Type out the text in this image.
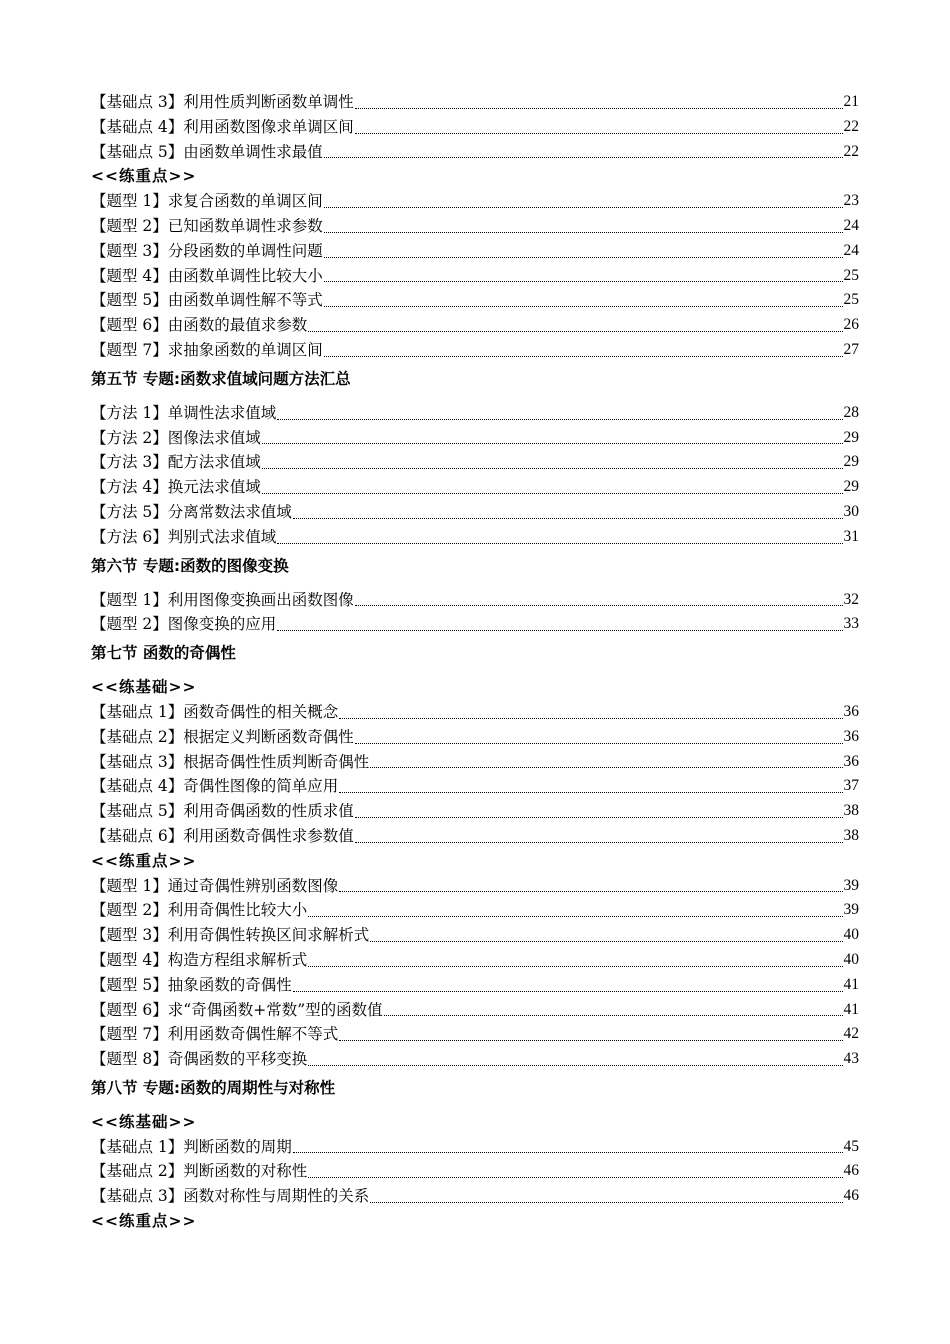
【基础点 3】利用性质判断函数单调性	21
【基础点 4】利用函数图像求单调区间	22
【基础点 5】由函数单调性求最值	22
<<练重点>>
【题型 1】求复合函数的单调区间	23
【题型 2】已知函数单调性求参数	24
【题型 3】分段函数的单调性问题	24
【题型 4】由函数单调性比较大小	25
【题型 5】由函数单调性解不等式	25
【题型 6】由函数的最值求参数	26
【题型 7】求抽象函数的单调区间	27
第五节 专题:函数求值域问题方法汇总
【方法 1】单调性法求值域	28
【方法 2】图像法求值域	29
【方法 3】配方法求值域	29
【方法 4】换元法求值域	29
【方法 5】分离常数法求值域	30
【方法 6】判别式法求值域	31
第六节 专题:函数的图像变换
【题型 1】利用图像变换画出函数图像	32
【题型 2】图像变换的应用	33
第七节 函数的奇偶性
<<练基础>>
【基础点 1】函数奇偶性的相关概念	36
【基础点 2】根据定义判断函数奇偶性	36
【基础点 3】根据奇偶性性质判断奇偶性	36
【基础点 4】奇偶性图像的简单应用	37
【基础点 5】利用奇偶函数的性质求值	38
【基础点 6】利用函数奇偶性求参数值	38
<<练重点>>
【题型 1】通过奇偶性辨别函数图像	39
【题型 2】利用奇偶性比较大小	39
【题型 3】利用奇偶性转换区间求解析式	40
【题型 4】构造方程组求解析式	40
【题型 5】抽象函数的奇偶性	41
【题型 6】求“奇偶函数+常数”型的函数值	41
【题型 7】利用函数奇偶性解不等式	42
【题型 8】奇偶函数的平移变换	43
第八节 专题:函数的周期性与对称性
<<练基础>>
【基础点 1】判断函数的周期	45
【基础点 2】判断函数的对称性	46
【基础点 3】函数对称性与周期性的关系	46
<<练重点>>
